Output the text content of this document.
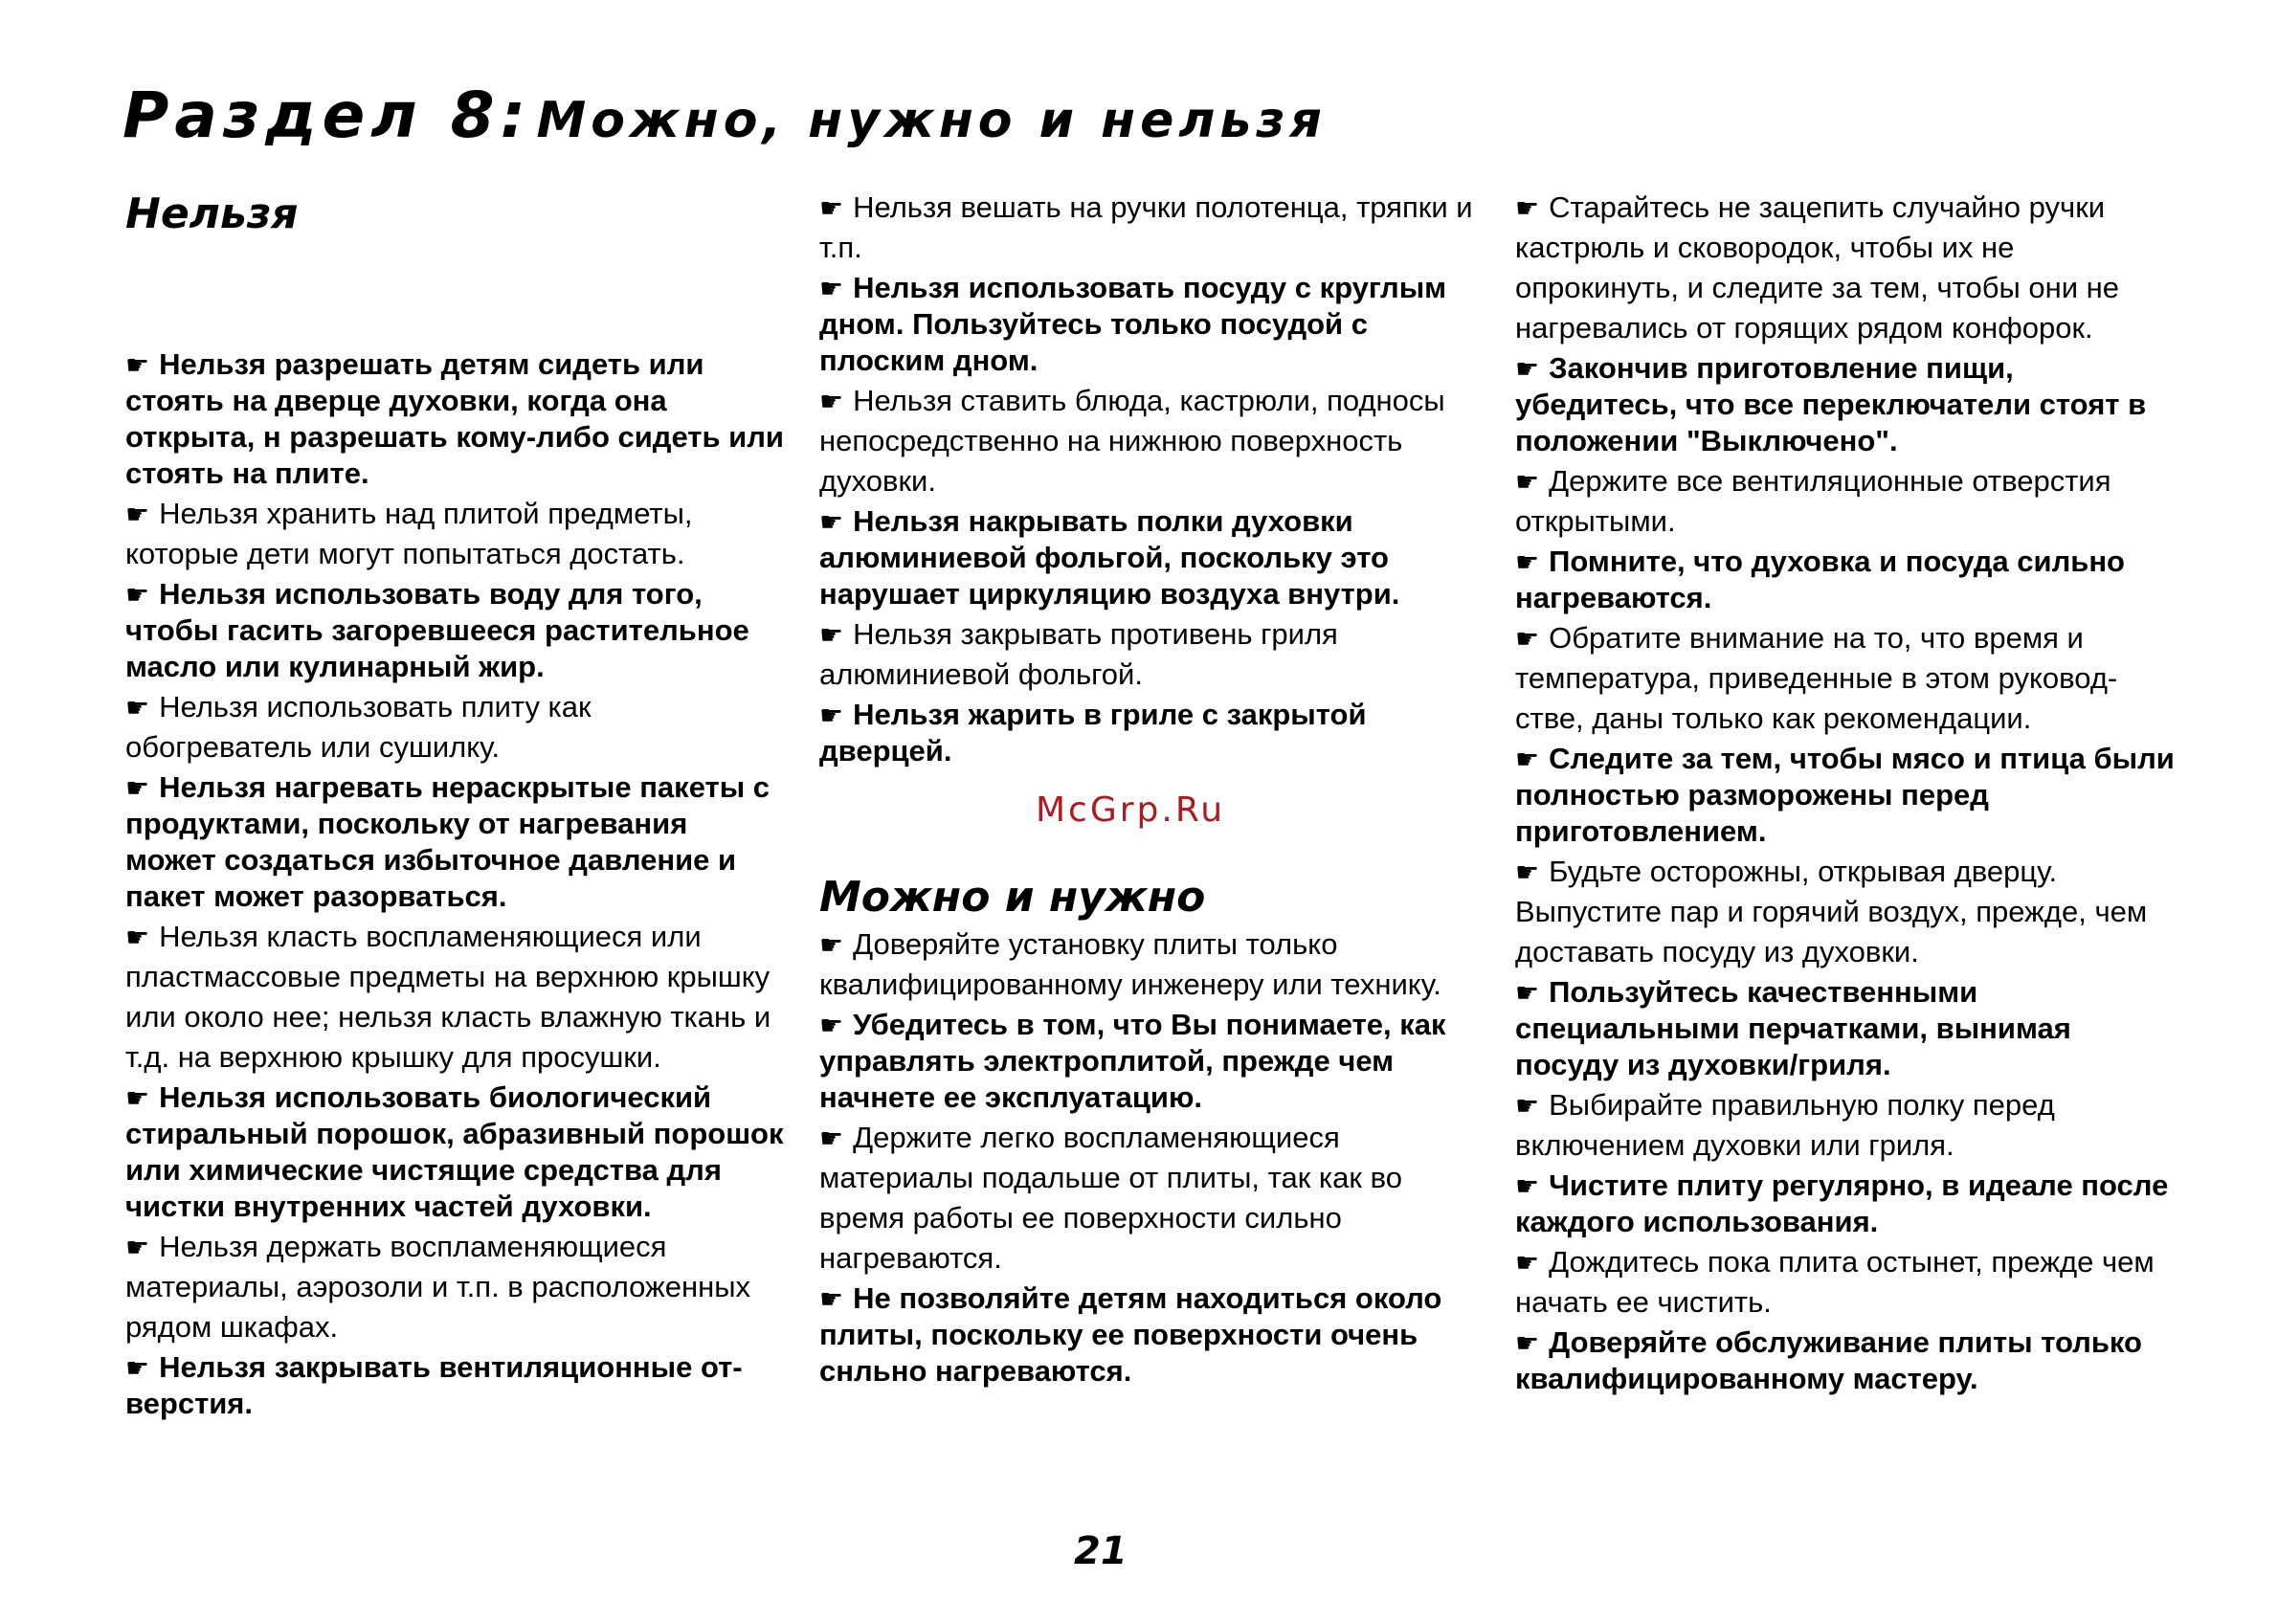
Раздел 8: Можно, нужно и нельзя
Нельзя

☛ Нельзя разрешать детям сидеть или стоять на дверце духовки, когда она открыта, н разрешать кому-либо сидеть или стоять на плите.

☛ Нельзя хранить над плитой предметы, которые дети могут попытаться достать.

☛ Нельзя использовать воду для того, чтобы гасить загоревшееся растительное масло или кулинарный жир.

☛ Нельзя использовать плиту как обогреватель или сушилку.

☛ Нельзя нагревать нераскрытые пакеты с продуктами, поскольку от нагревания может создаться избыточное давление и пакет может разорваться.

☛ Нельзя класть воспламеняющиеся или пластмассовые предметы на верхнюю крышку или около нее; нельзя класть влажную ткань и т.д. на верхнюю крышку для просушки.

☛ Нельзя использовать биологический стиральный порошок, абразивный порошок или химические чистящие средства для чистки внутренних частей духовки.

☛ Нельзя держать воспламеняющиеся материалы, аэрозоли и т.п. в расположенных рядом шкафах.

☛ Нельзя закрывать вентиляционные от- верстия.

☛ Нельзя вешать на ручки полотенца, тряпки и т.п.

☛ Нельзя использовать посуду с круглым дном. Пользуйтесь только посудой с плоским дном.

☛ Нельзя ставить блюда, кастрюли, подносы непосредственно на нижнюю поверхность духовки.

☛ Нельзя накрывать полки духовки алюминиевой фольгой, поскольку это нарушает циркуляцию воздуха внутри.

☛ Нельзя закрывать противень гриля алюминиевой фольгой.

☛ Нельзя жарить в гриле с закрытой дверцей.

McGrp.Ru
Можно и нужно

☛ Доверяйте установку плиты только квалифицированному инженеру или технику.

☛ Убедитесь в том, что Вы понимаете, как управлять электроплитой, прежде чем начнете ее эксплуатацию.

☛ Держите легко воспламеняющиеся материалы подальше от плиты, так как во время работы ее поверхности сильно нагреваются.

☛ Не позволяйте детям находиться около плиты, поскольку ее поверхности очень снльно нагреваются.

☛ Старайтесь не зацепить случайно ручки кастрюль и сковородок, чтобы их не опрокинуть, и следите за тем, чтобы они не нагревались от горящих рядом конфорок.

☛ Закончив приготовление пищи, убедитесь, что все переключатели стоят в положении "Выключено".

☛ Держите все вентиляционные отверстия открытыми.

☛ Помните, что духовка и посуда сильно нагреваются.

☛ Обратите внимание на то, что время и температура, приведенные в этом руковод- стве, даны только как рекомендации.

☛ Следите за тем, чтобы мясо и птица были полностью разморожены перед приготовлением.

☛ Будьте осторожны, открывая дверцу. Выпустите пар и горячий воздух, прежде, чем доставать посуду из духовки.

☛ Пользуйтесь качественными специальными перчатками, вынимая посуду из духовки/гриля.

☛ Выбирайте правильную полку перед включением духовки или гриля.

☛ Чистите плиту регулярно, в идеале после каждого использования.

☛ Дождитесь пока плита остынет, прежде чем начать ее чистить.

☛ Доверяйте обслуживание плиты только квалифицированному мастеру.

21
